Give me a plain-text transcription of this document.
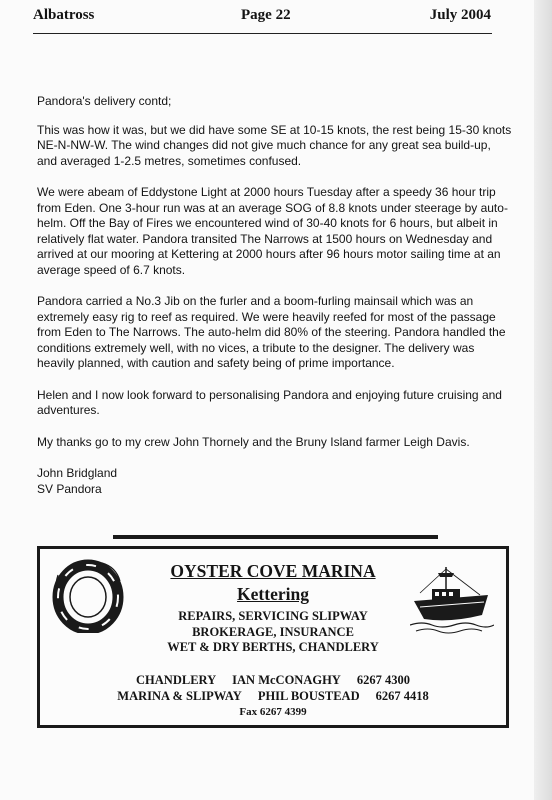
Albatross	Page 22	July 2004

Pandora's delivery contd;

This was how it was, but we did have some SE at 10-15 knots, the rest being 15-30 knots NE-N-NW-W. The wind changes did not give much chance for any great sea build-up, and averaged 1-2.5 metres, sometimes confused.

We were abeam of Eddystone Light at 2000 hours Tuesday after a speedy 36 hour trip from Eden. One 3-hour run was at an average SOG of 8.8 knots under steerage by auto-helm. Off the Bay of Fires we encountered wind of 30-40 knots for 6 hours, but albeit in relatively flat water. Pandora transited The Narrows at 1500 hours on Wednesday and arrived at our mooring at Kettering at 2000 hours after 96 hours motor sailing time at an average speed of 6.7 knots.

Pandora carried a No.3 Jib on the furler and a boom-furling mainsail which was an extremely easy rig to reef as required. We were heavily reefed for most of the passage from Eden to The Narrows. The auto-helm did 80% of the steering. Pandora handled the conditions extremely well, with no vices, a tribute to the designer. The delivery was heavily planned, with caution and safety being of prime importance.

Helen and I now look forward to personalising Pandora and enjoying future cruising and adventures.

My thanks go to my crew John Thornely and the Bruny Island farmer Leigh Davis.

John Bridgland
SV Pandora
OYSTER COVE MARINA
Kettering
REPAIRS, SERVICING SLIPWAY
BROKERAGE, INSURANCE
WET & DRY BERTHS, CHANDLERY
CHANDLERY IAN McCONAGHY 6267 4300
MARINA & SLIPWAY PHIL BOUSTEAD 6267 4418
Fax 6267 4399
